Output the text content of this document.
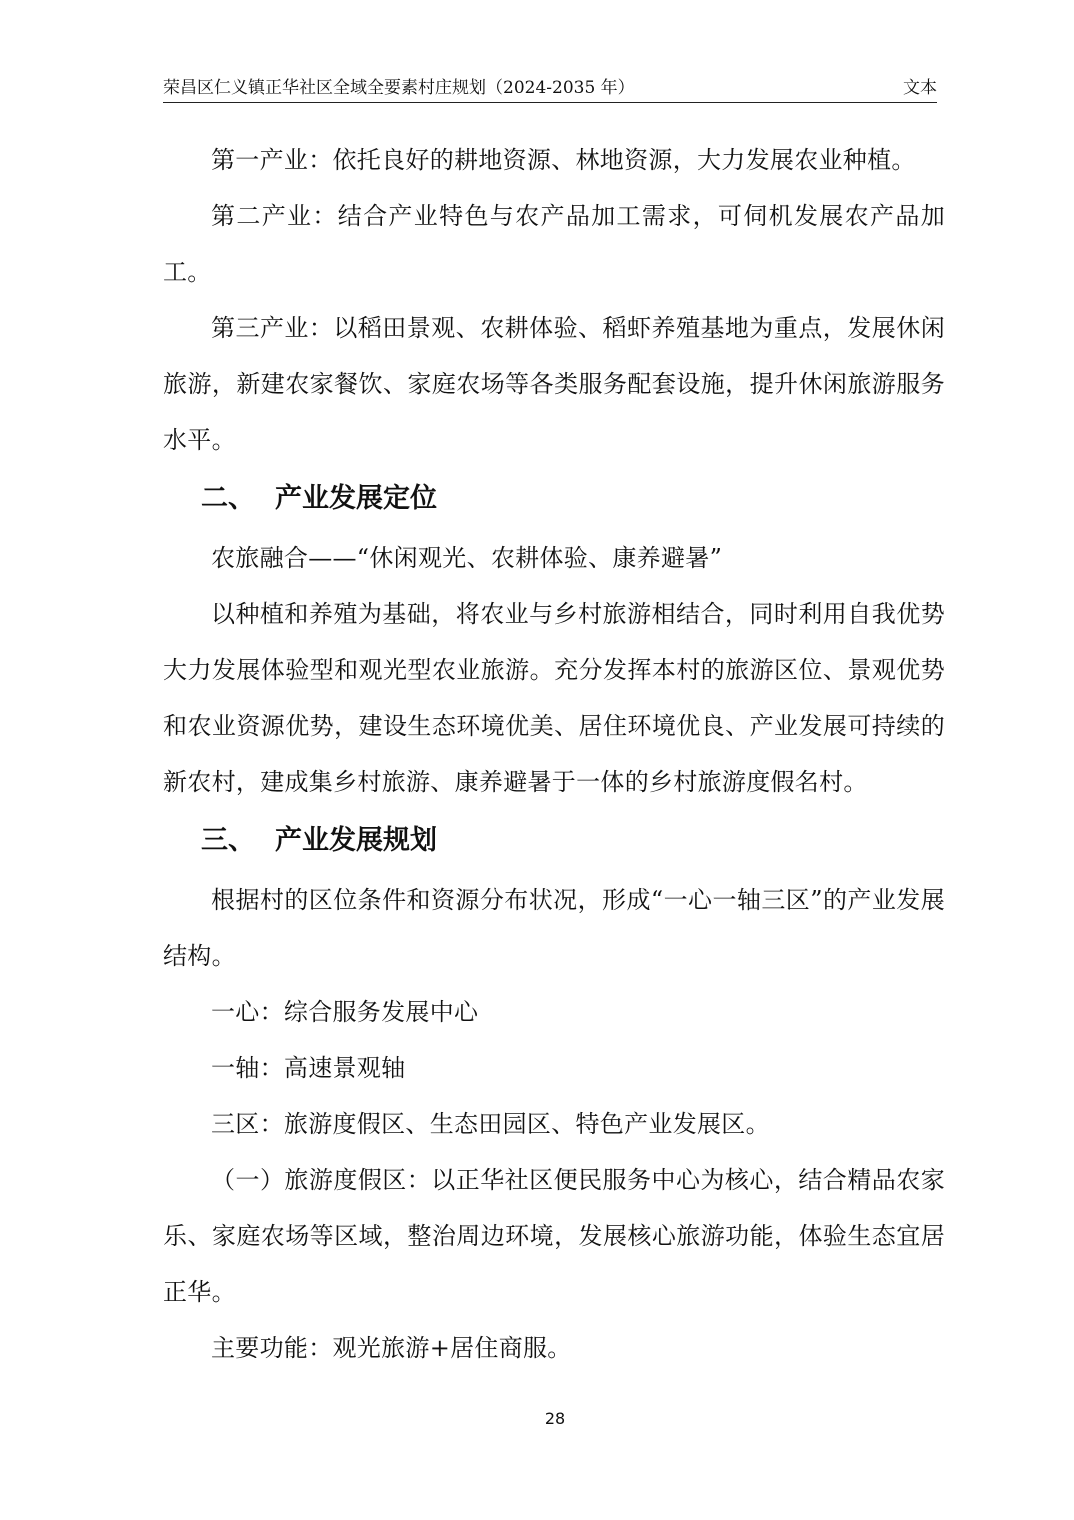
荣昌区仁义镇正华社区全域全要素村庄规划（2024-2035 年）	文本

第一产业：依托良好的耕地资源、林地资源，大力发展农业种植。

第二产业：结合产业特色与农产品加工需求，可伺机发展农产品加工。

第三产业：以稻田景观、农耕体验、稻虾养殖基地为重点，发展休闲旅游，新建农家餐饮、家庭农场等各类服务配套设施，提升休闲旅游服务水平。

二、 产业发展定位

农旅融合——“休闲观光、农耕体验、康养避暑”

以种植和养殖为基础，将农业与乡村旅游相结合，同时利用自我优势大力发展体验型和观光型农业旅游。充分发挥本村的旅游区位、景观优势和农业资源优势，建设生态环境优美、居住环境优良、产业发展可持续的新农村，建成集乡村旅游、康养避暑于一体的乡村旅游度假名村。

三、 产业发展规划

根据村的区位条件和资源分布状况，形成“一心一轴三区”的产业发展结构。

一心：综合服务发展中心

一轴：高速景观轴

三区：旅游度假区、生态田园区、特色产业发展区。

（一）旅游度假区：以正华社区便民服务中心为核心，结合精品农家乐、家庭农场等区域，整治周边环境，发展核心旅游功能，体验生态宜居正华。

主要功能：观光旅游+居住商服。

28
